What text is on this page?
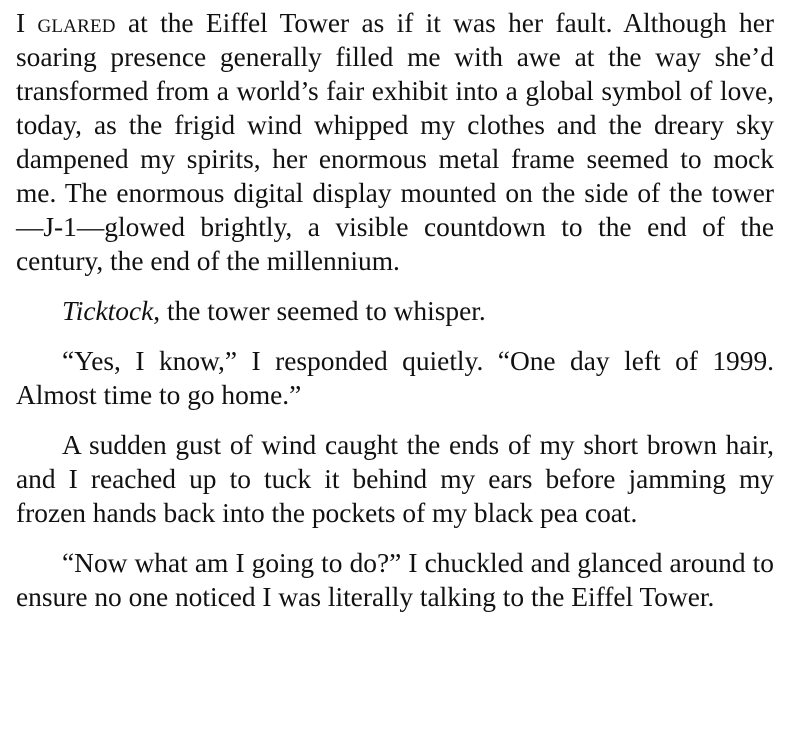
I glared at the Eiffel Tower as if it was her fault. Although her soaring presence generally filled me with awe at the way she’d transformed from a world’s fair exhibit into a global symbol of love, today, as the frigid wind whipped my clothes and the dreary sky dampened my spirits, her enormous metal frame seemed to mock me. The enormous digital display mounted on the side of the tower—J-1—glowed brightly, a visible countdown to the end of the century, the end of the millennium.

Ticktock, the tower seemed to whisper.

“Yes, I know,” I responded quietly. “One day left of 1999. Almost time to go home.”

A sudden gust of wind caught the ends of my short brown hair, and I reached up to tuck it behind my ears before jamming my frozen hands back into the pockets of my black pea coat.

“Now what am I going to do?” I chuckled and glanced around to ensure no one noticed I was literally talking to the Eiffel Tower.
